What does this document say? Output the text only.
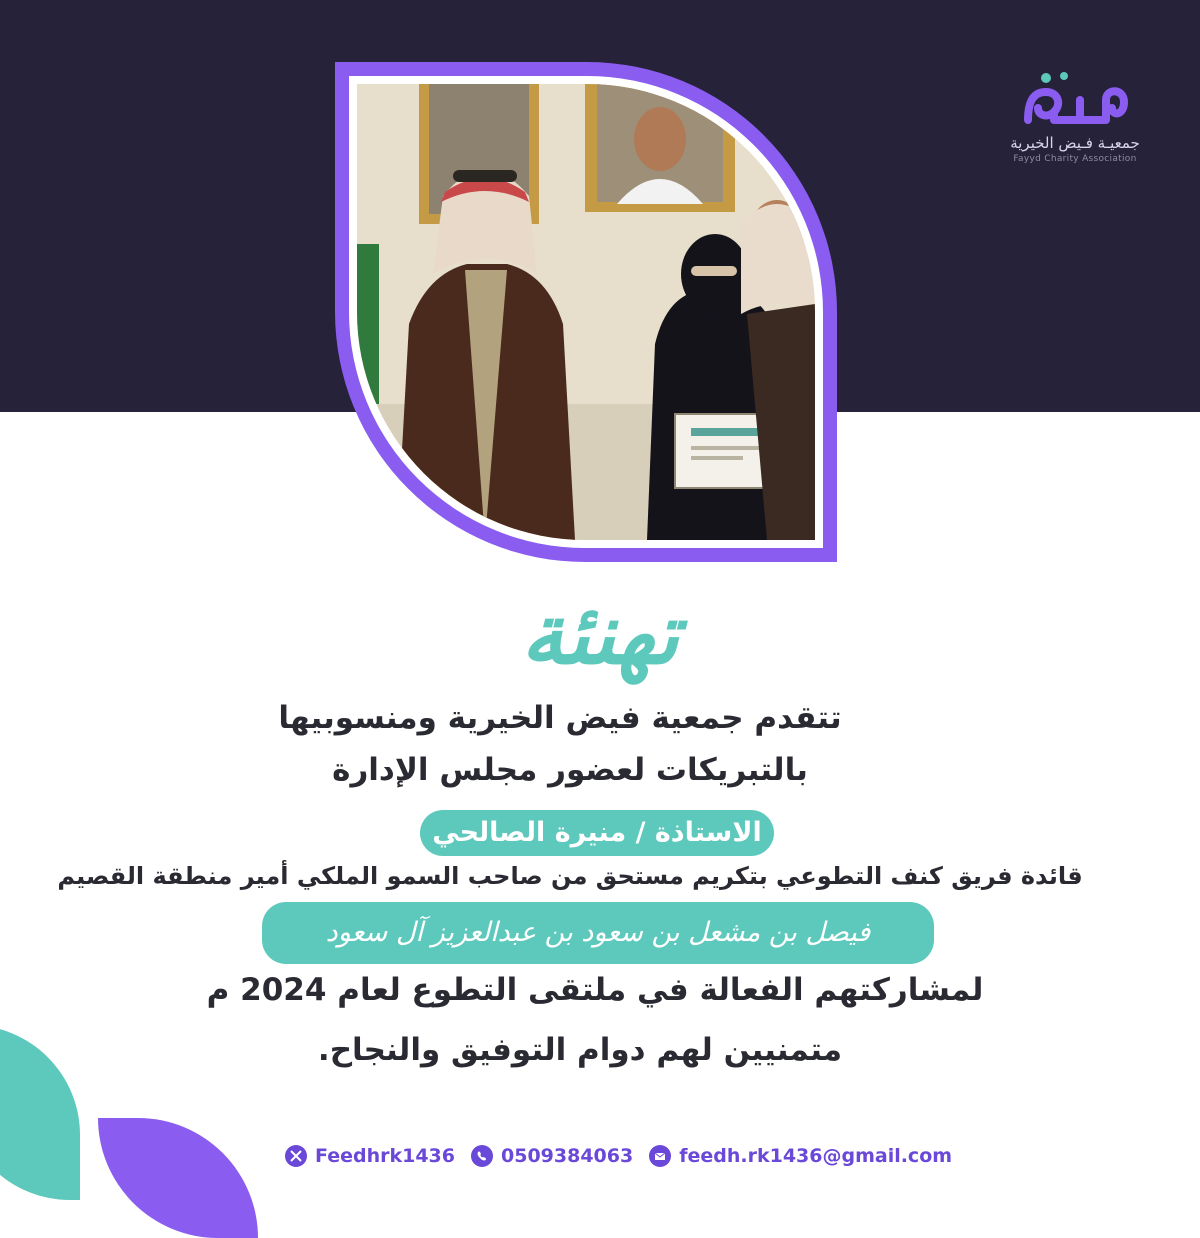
جمعيـة فـيض الخيرية
Fayyd Charity Association
تهنئة
تتقدم جمعية فيض الخيرية ومنسوبيها
بالتبريكات لعضور مجلس الإدارة
الاستاذة / منيرة الصالحي
قائدة فريق كنف التطوعي بتكريم مستحق من صاحب السمو الملكي أمير منطقة القصيم
فيصل بن مشعل بن سعود بن عبدالعزيز آل سعود
لمشاركتهم الفعالة في ملتقى التطوع لعام 2024 م
متمنيين لهم دوام التوفيق والنجاح.
Feedhrk1436 0509384063 feedh.rk1436@gmail.com
